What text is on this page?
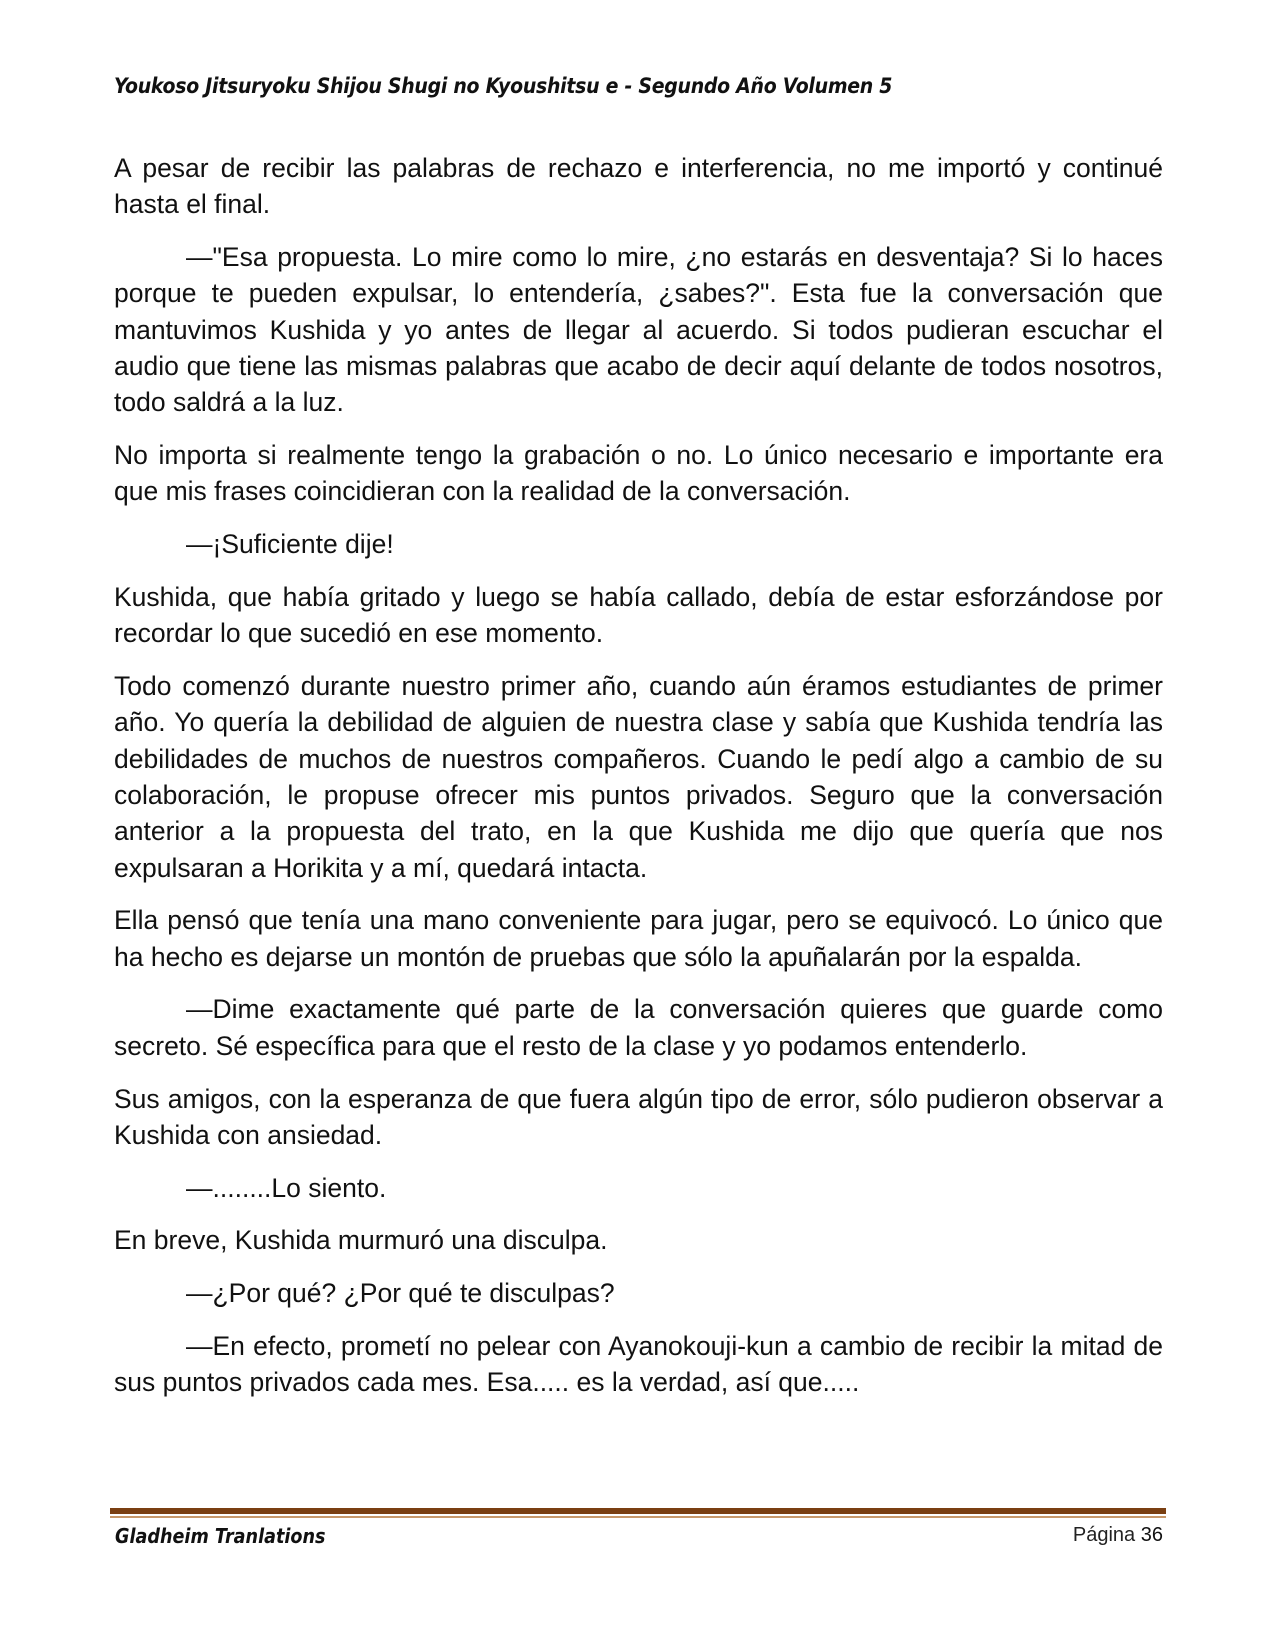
Youkoso Jitsuryoku Shijou Shugi no Kyoushitsu e - Segundo Año Volumen 5

A pesar de recibir las palabras de rechazo e interferencia, no me importó y continué hasta el final.

—"Esa propuesta. Lo mire como lo mire, ¿no estarás en desventaja? Si lo haces porque te pueden expulsar, lo entendería, ¿sabes?". Esta fue la conversación que mantuvimos Kushida y yo antes de llegar al acuerdo. Si todos pudieran escuchar el audio que tiene las mismas palabras que acabo de decir aquí delante de todos nosotros, todo saldrá a la luz.

No importa si realmente tengo la grabación o no. Lo único necesario e importante era que mis frases coincidieran con la realidad de la conversación.

—¡Suficiente dije!

Kushida, que había gritado y luego se había callado, debía de estar esforzándose por recordar lo que sucedió en ese momento.

Todo comenzó durante nuestro primer año, cuando aún éramos estudiantes de primer año. Yo quería la debilidad de alguien de nuestra clase y sabía que Kushida tendría las debilidades de muchos de nuestros compañeros. Cuando le pedí algo a cambio de su colaboración, le propuse ofrecer mis puntos privados. Seguro que la conversación anterior a la propuesta del trato, en la que Kushida me dijo que quería que nos expulsaran a Horikita y a mí, quedará intacta.

Ella pensó que tenía una mano conveniente para jugar, pero se equivocó. Lo único que ha hecho es dejarse un montón de pruebas que sólo la apuñalarán por la espalda.

—Dime exactamente qué parte de la conversación quieres que guarde como secreto. Sé específica para que el resto de la clase y yo podamos entenderlo.

Sus amigos, con la esperanza de que fuera algún tipo de error, sólo pudieron observar a Kushida con ansiedad.

—........Lo siento.

En breve, Kushida murmuró una disculpa.

—¿Por qué? ¿Por qué te disculpas?

—En efecto, prometí no pelear con Ayanokouji-kun a cambio de recibir la mitad de sus puntos privados cada mes. Esa..... es la verdad, así que.....

Gladheim Tranlations	Página 36
